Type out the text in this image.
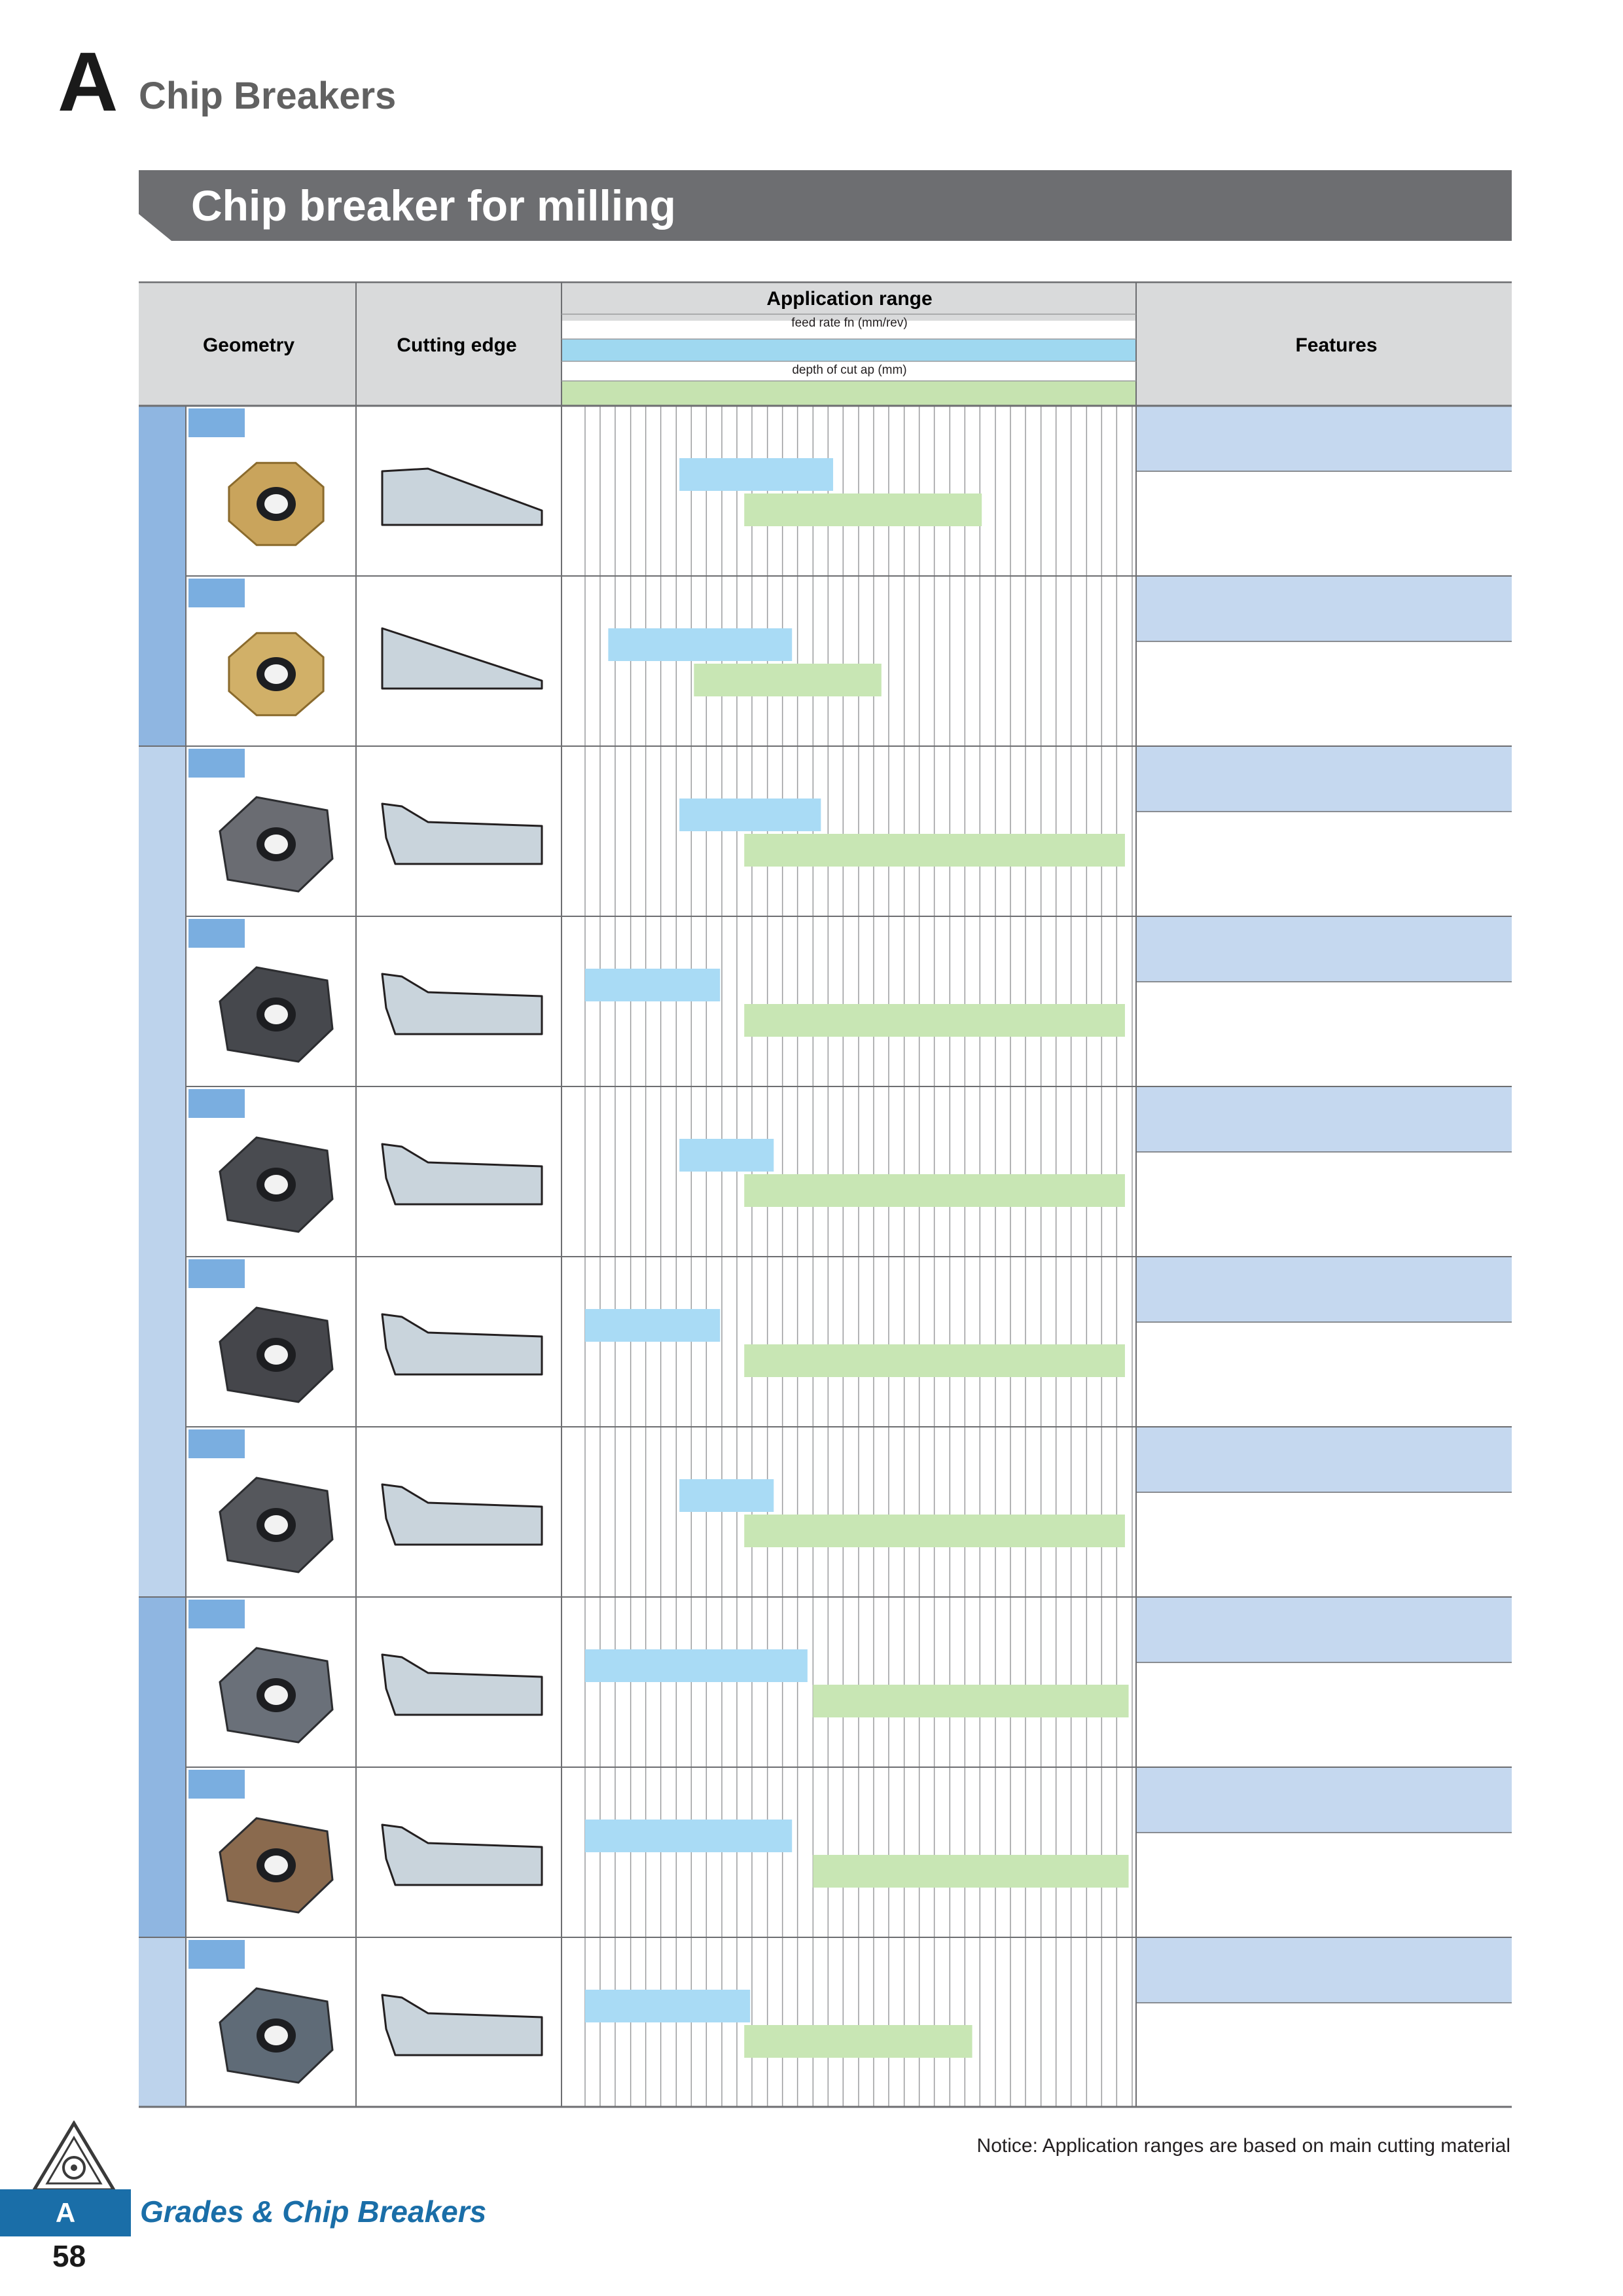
A Chip Breakers
Chip breaker for milling
Geometry	Cutting edge
Application range
feed rate fn (mm/rev)
depth of cut ap (mm)
Features
Notice: Application ranges are based on main cutting material
A	Grades & Chip Breakers
58
